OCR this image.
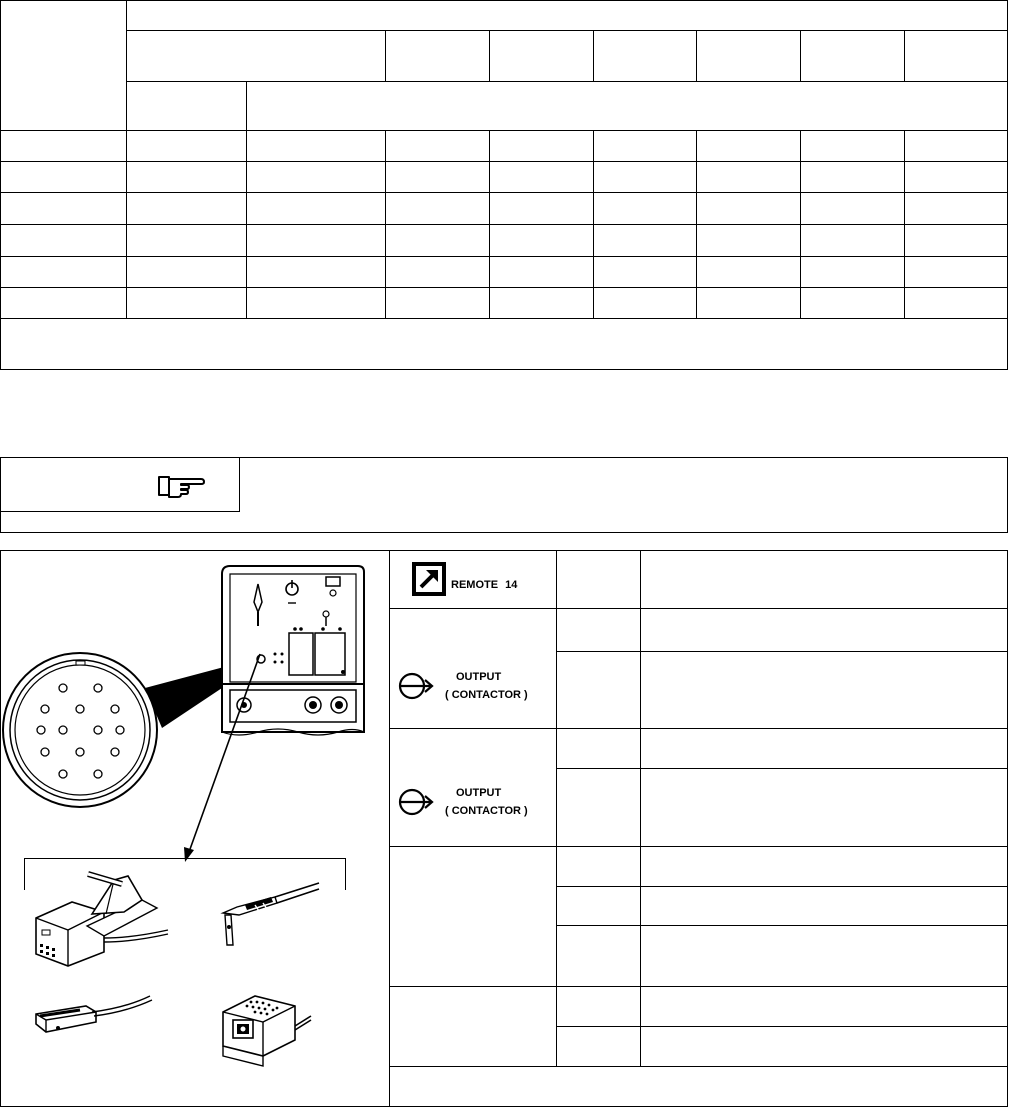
REMOTE 14
OUTPUT
( CONTACTOR )
OUTPUT
( CONTACTOR )
